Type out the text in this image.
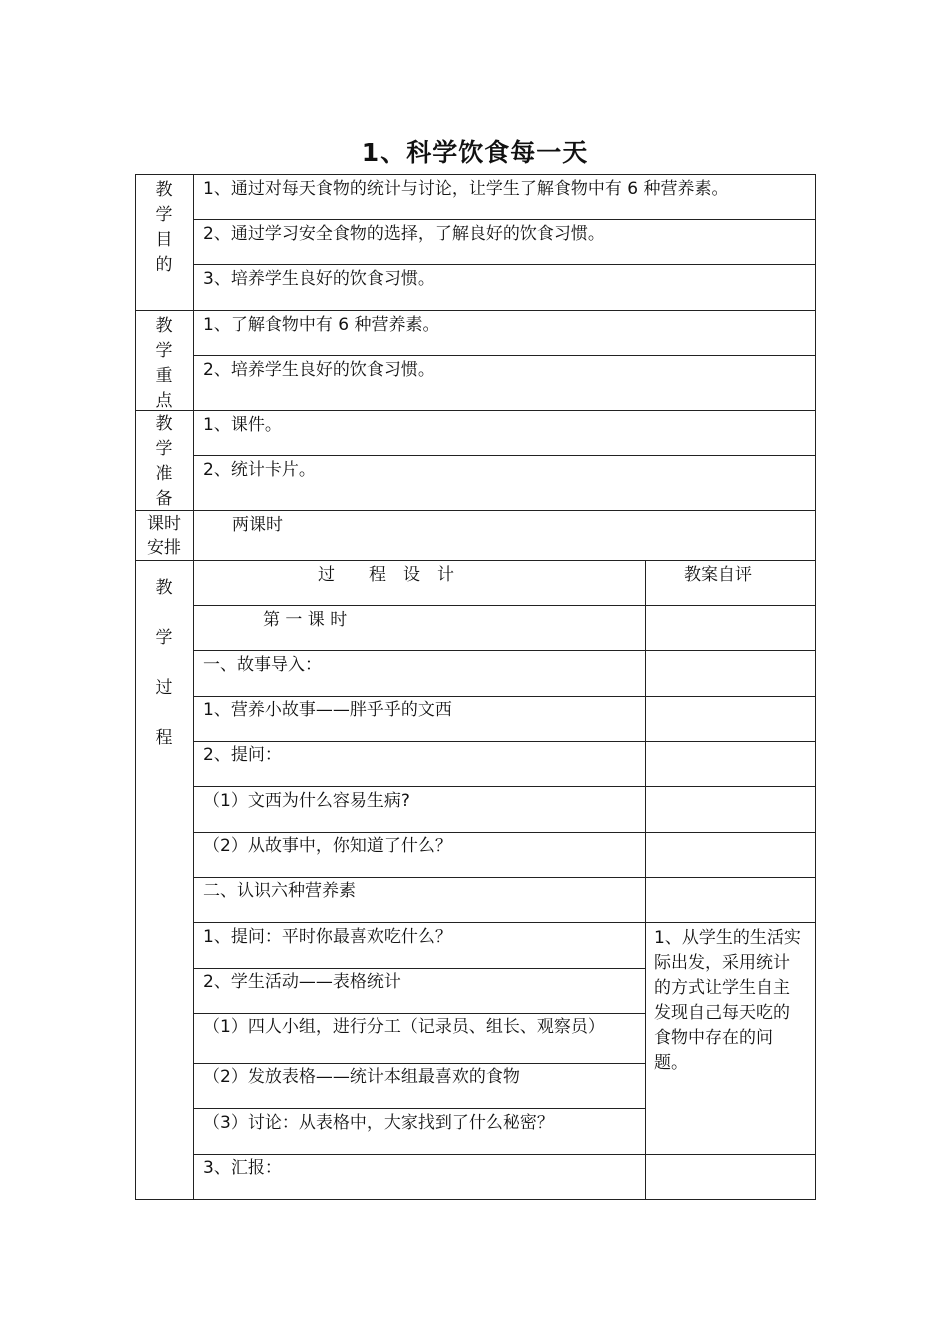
1、科学饮食每一天
教
学
目
的
1、通过对每天食物的统计与讨论，让学生了解食物中有 6 种营养素。
2、通过学习安全食物的选择，了解良好的饮食习惯。
3、培养学生良好的饮食习惯。
教
学
重
点
1、了解食物中有 6 种营养素。
2、培养学生良好的饮食习惯。
教
学
准
备
1、课件。
2、统计卡片。
课时
安排
两课时
教
学
过
程
过　　程　设　计	教案自评
第 一 课 时
一、故事导入：
1、营养小故事——胖乎乎的文西
2、提问：
（1）文西为什么容易生病?
（2）从故事中，你知道了什么？
二、认识六种营养素
1、提问：平时你最喜欢吃什么？
2、学生活动——表格统计
（1）四人小组，进行分工（记录员、组长、观察员）
（2）发放表格——统计本组最喜欢的食物
（3）讨论：从表格中，大家找到了什么秘密？
3、汇报：
1、从学生的生活实际出发，采用统计的方式让学生自主发现自己每天吃的食物中存在的问题。
